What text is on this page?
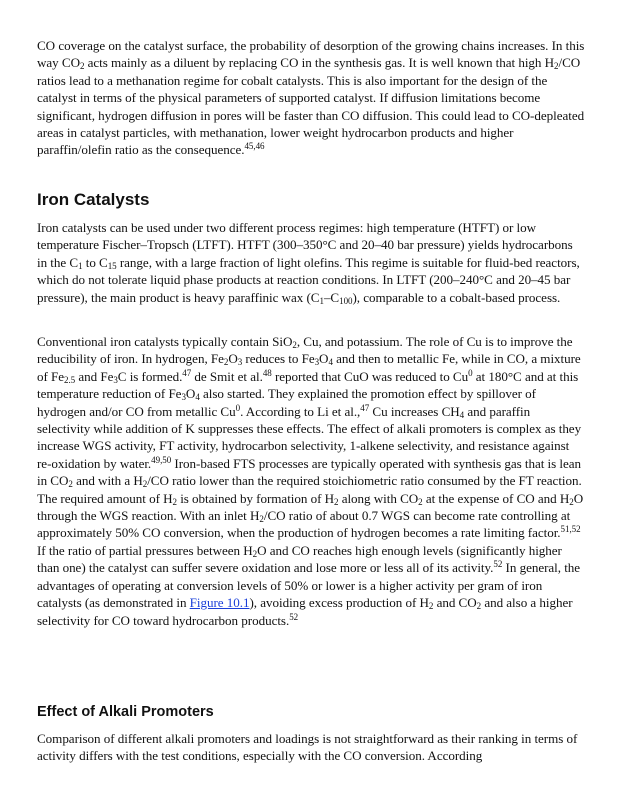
CO coverage on the catalyst surface, the probability of desorption of the growing chains increases. In this way $CO_2$ acts mainly as a diluent by replacing CO in the synthesis gas. It is well known that high $H_2/CO$ ratios lead to a methanation regime for cobalt catalysts. This is also important for the design of the catalyst in terms of the physical parameters of supported catalyst. If diffusion limitations become significant, hydrogen diffusion in pores will be faster than CO diffusion. This could lead to CO-depleated areas in catalyst particles, with methanation, lower weight hydrocarbon products and higher paraffin/olefin ratio as the consequence.$^{45,46}$

Iron Catalysts

Iron catalysts can be used under two different process regimes: high temperature (HTFT) or low temperature Fischer–Tropsch (LTFT). HTFT (300–350°C and 20–40 bar pressure) yields hydrocarbons in the $C_1$ to $C_{15}$ range, with a large fraction of light olefins. This regime is suitable for fluid-bed reactors, which do not tolerate liquid phase products at reaction conditions. In LTFT (200–240°C and 20–45 bar pressure), the main product is heavy paraffinic wax $(C_1-C_{100})$, comparable to a cobalt-based process.

Conventional iron catalysts typically contain SiO$_2$, Cu, and potassium. The role of Cu is to improve the reducibility of iron. In hydrogen, $Fe_2O_3$ reduces to $Fe_3O_4$ and then to metallic Fe, while in CO, a mixture of $Fe_{2.5}$ and $Fe_3C$ is formed.$^{47}$ de Smit et al.$^{48}$ reported that CuO was reduced to Cu$^0$ at 180°C and at this temperature reduction of $Fe_3O_4$ also started. They explained the promotion effect by spillover of hydrogen and/or CO from metallic Cu$^0$. According to Li et al.,$^{47}$ Cu increases $CH_4$ and paraffin selectivity while addition of K suppresses these effects. The effect of alkali promoters is complex as they increase WGS activity, FT activity, hydrocarbon selectivity, 1-alkene selectivity, and resistance against re-oxidation by water.$^{49,50}$ Iron-based FTS processes are typically operated with synthesis gas that is lean in $CO_2$ and with a $H_2/CO$ ratio lower than the required stoichiometric ratio consumed by the FT reaction. The required amount of $H_2$ is obtained by formation of $H_2$ along with $CO_2$ at the expense of CO and $H_2O$ through the WGS reaction. With an inlet $H_2/CO$ ratio of about 0.7 WGS can become rate controlling at approximately 50% CO conversion, when the production of hydrogen becomes a rate limiting factor.$^{51,52}$ If the ratio of partial pressures between $H_2O$ and CO reaches high enough levels (significantly higher than one) the catalyst can suffer severe oxidation and lose more or less all of its activity.$^{52}$ In general, the advantages of operating at conversion levels of 50% or lower is a higher activity per gram of iron catalysts (as demonstrated in Figure 10.1), avoiding excess production of $H_2$ and $CO_2$ and also a higher selectivity for CO toward hydrocarbon products.$^{52}$

Effect of Alkali Promoters

Comparison of different alkali promoters and loadings is not straightforward as their ranking in terms of activity differs with the test conditions, especially with the CO conversion. According
